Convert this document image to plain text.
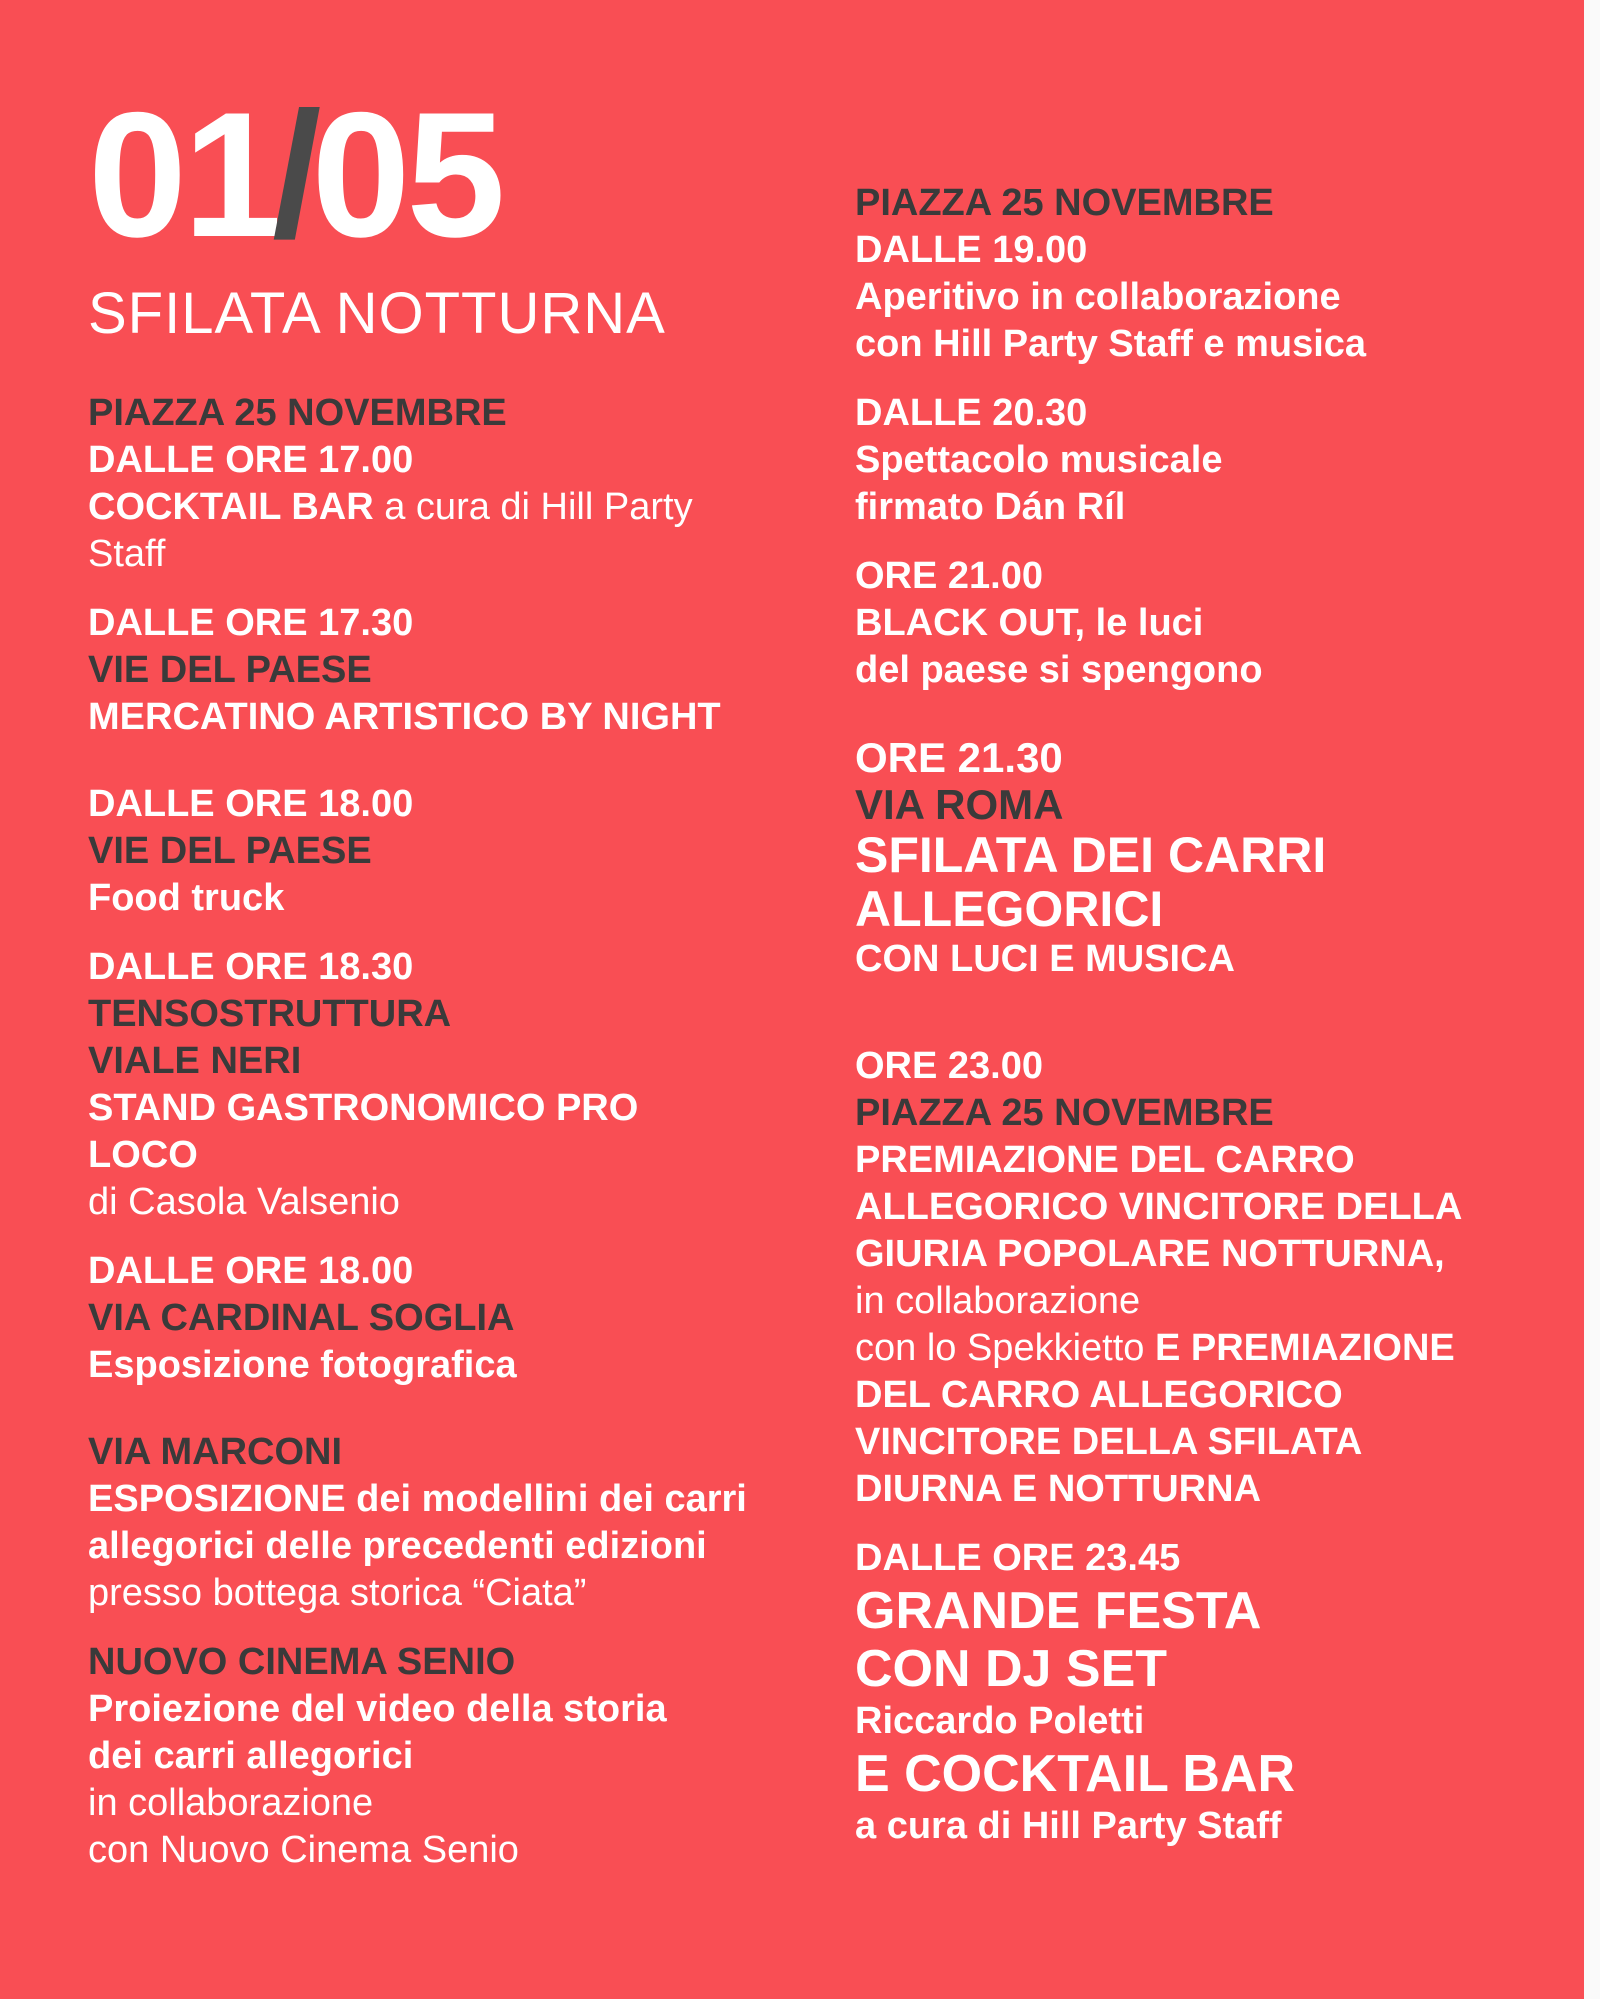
01/05
SFILATA NOTTURNA
PIAZZA 25 NOVEMBRE
DALLE ORE 17.00
COCKTAIL BAR a cura di Hill Party
Staff
DALLE ORE 17.30
VIE DEL PAESE
MERCATINO ARTISTICO BY NIGHT
DALLE ORE 18.00
VIE DEL PAESE
Food truck
DALLE ORE 18.30
TENSOSTRUTTURA
VIALE NERI
STAND GASTRONOMICO PRO
LOCO
di Casola Valsenio
DALLE ORE 18.00
VIA CARDINAL SOGLIA
Esposizione fotografica
VIA MARCONI
ESPOSIZIONE dei modellini dei carri
allegorici delle precedenti edizioni
presso bottega storica “Ciata”
NUOVO CINEMA SENIO
Proiezione del video della storia
dei carri allegorici
in collaborazione
con Nuovo Cinema Senio
PIAZZA 25 NOVEMBRE
DALLE 19.00
Aperitivo in collaborazione
con Hill Party Staff e musica
DALLE 20.30
Spettacolo musicale
firmato Dán Ríl
ORE 21.00
BLACK OUT, le luci
del paese si spengono
ORE 21.30
VIA ROMA
SFILATA DEI CARRI
ALLEGORICI
CON LUCI E MUSICA
ORE 23.00
PIAZZA 25 NOVEMBRE
PREMIAZIONE DEL CARRO
ALLEGORICO VINCITORE DELLA
GIURIA POPOLARE NOTTURNA,
in collaborazione
con lo Spekkietto E PREMIAZIONE
DEL CARRO ALLEGORICO
VINCITORE DELLA SFILATA
DIURNA E NOTTURNA
DALLE ORE 23.45
GRANDE FESTA
CON DJ SET
Riccardo Poletti
E COCKTAIL BAR
a cura di Hill Party Staff
